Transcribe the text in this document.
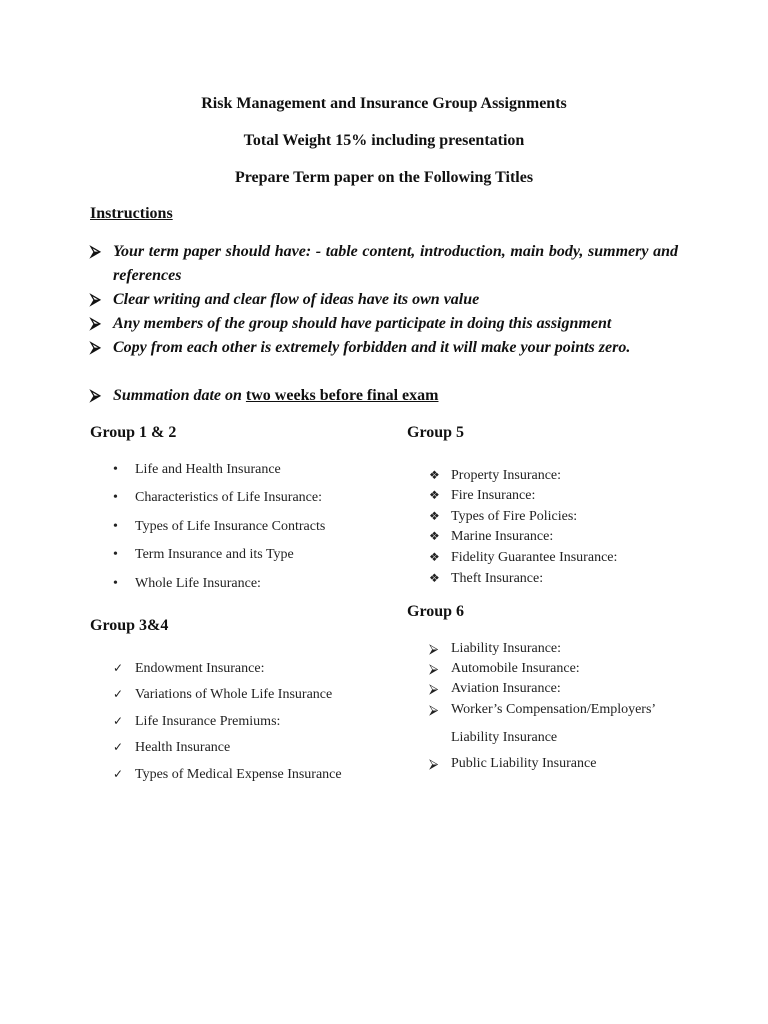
Risk Management and Insurance Group Assignments
Total Weight 15% including presentation
Prepare Term paper on the Following Titles
Instructions
⮚ Your term paper should have: - table content, introduction, main body, summery and references
⮚ Clear writing and clear flow of ideas have its own value
⮚ Any members of the group should have participate in doing this assignment
⮚ Copy from each other is extremely forbidden and it will make your points zero.
⮚ Summation date on two weeks before final exam
Group 1 & 2
• Life and Health Insurance
• Characteristics of Life Insurance:
• Types of Life Insurance Contracts
• Term Insurance and its Type
• Whole Life Insurance:
Group 3&4
✓ Endowment Insurance:
✓ Variations of Whole Life Insurance
✓ Life Insurance Premiums:
✓ Health Insurance
✓ Types of Medical Expense Insurance
Group 5
❖ Property Insurance:
❖ Fire Insurance:
❖ Types of Fire Policies:
❖ Marine Insurance:
❖ Fidelity Guarantee Insurance:
❖ Theft Insurance:
Group 6
⮚ Liability Insurance:
⮚ Automobile Insurance:
⮚ Aviation Insurance:
⮚ Worker’s Compensation/Employers’ Liability Insurance
⮚ Public Liability Insurance
